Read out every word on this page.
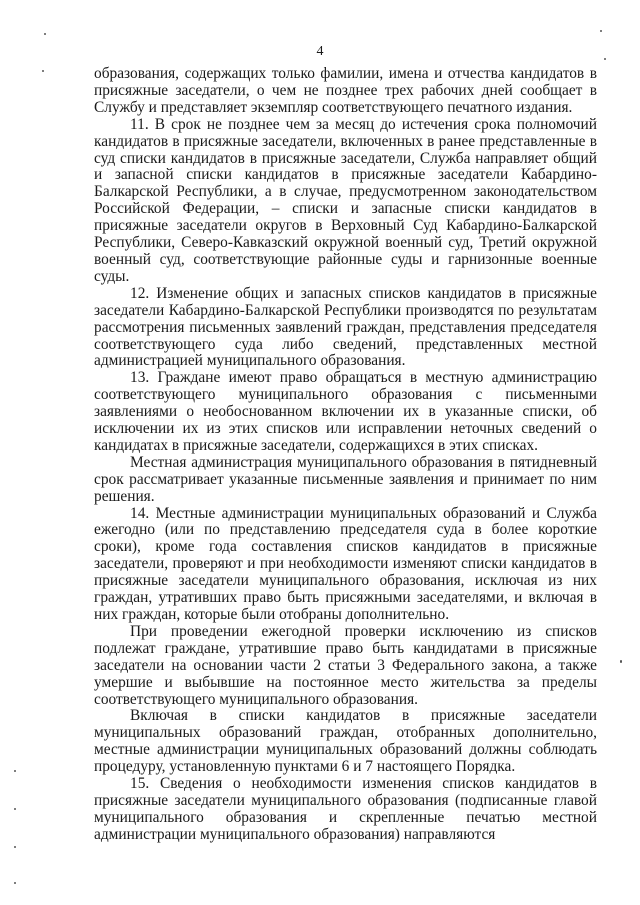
4

образования, содержащих только фамилии, имена и отчества кандидатов в присяжные заседатели, о чем не позднее трех рабочих дней сообщает в Службу и представляет экземпляр соответствующего печатного издания.

11. В срок не позднее чем за месяц до истечения срока полномочий кандидатов в присяжные заседатели, включенных в ранее представленные в суд списки кандидатов в присяжные заседатели, Служба направляет общий и запасной списки кандидатов в присяжные заседатели Кабардино-Балкарской Республики, а в случае, предусмотренном законодательством Российской Федерации, – списки и запасные списки кандидатов в присяжные заседатели округов в Верховный Суд Кабардино-Балкарской Республики, Северо-Кавказский окружной военный суд, Третий окружной военный суд, соответствующие районные суды и гарнизонные военные суды.

12. Изменение общих и запасных списков кандидатов в присяжные заседатели Кабардино-Балкарской Республики производятся по результатам рассмотрения письменных заявлений граждан, представления председателя соответствующего суда либо сведений, представленных местной администрацией муниципального образования.

13. Граждане имеют право обращаться в местную администрацию соответствующего муниципального образования с письменными заявлениями о необоснованном включении их в указанные списки, об исключении их из этих списков или исправлении неточных сведений о кандидатах в присяжные заседатели, содержащихся в этих списках.

Местная администрация муниципального образования в пятидневный срок рассматривает указанные письменные заявления и принимает по ним решения.

14. Местные администрации муниципальных образований и Служба ежегодно (или по представлению председателя суда в более короткие сроки), кроме года составления списков кандидатов в присяжные заседатели, проверяют и при необходимости изменяют списки кандидатов в присяжные заседатели муниципального образования, исключая из них граждан, утративших право быть присяжными заседателями, и включая в них граждан, которые были отобраны дополнительно.

При проведении ежегодной проверки исключению из списков подлежат граждане, утратившие право быть кандидатами в присяжные заседатели на основании части 2 статьи 3 Федерального закона, а также умершие и выбывшие на постоянное место жительства за пределы соответствующего муниципального образования.

Включая в списки кандидатов в присяжные заседатели муниципальных образований граждан, отобранных дополнительно, местные администрации муниципальных образований должны соблюдать процедуру, установленную пунктами 6 и 7 настоящего Порядка.

15. Сведения о необходимости изменения списков кандидатов в присяжные заседатели муниципального образования (подписанные главой муниципального образования и скрепленные печатью местной администрации муниципального образования) направляются
